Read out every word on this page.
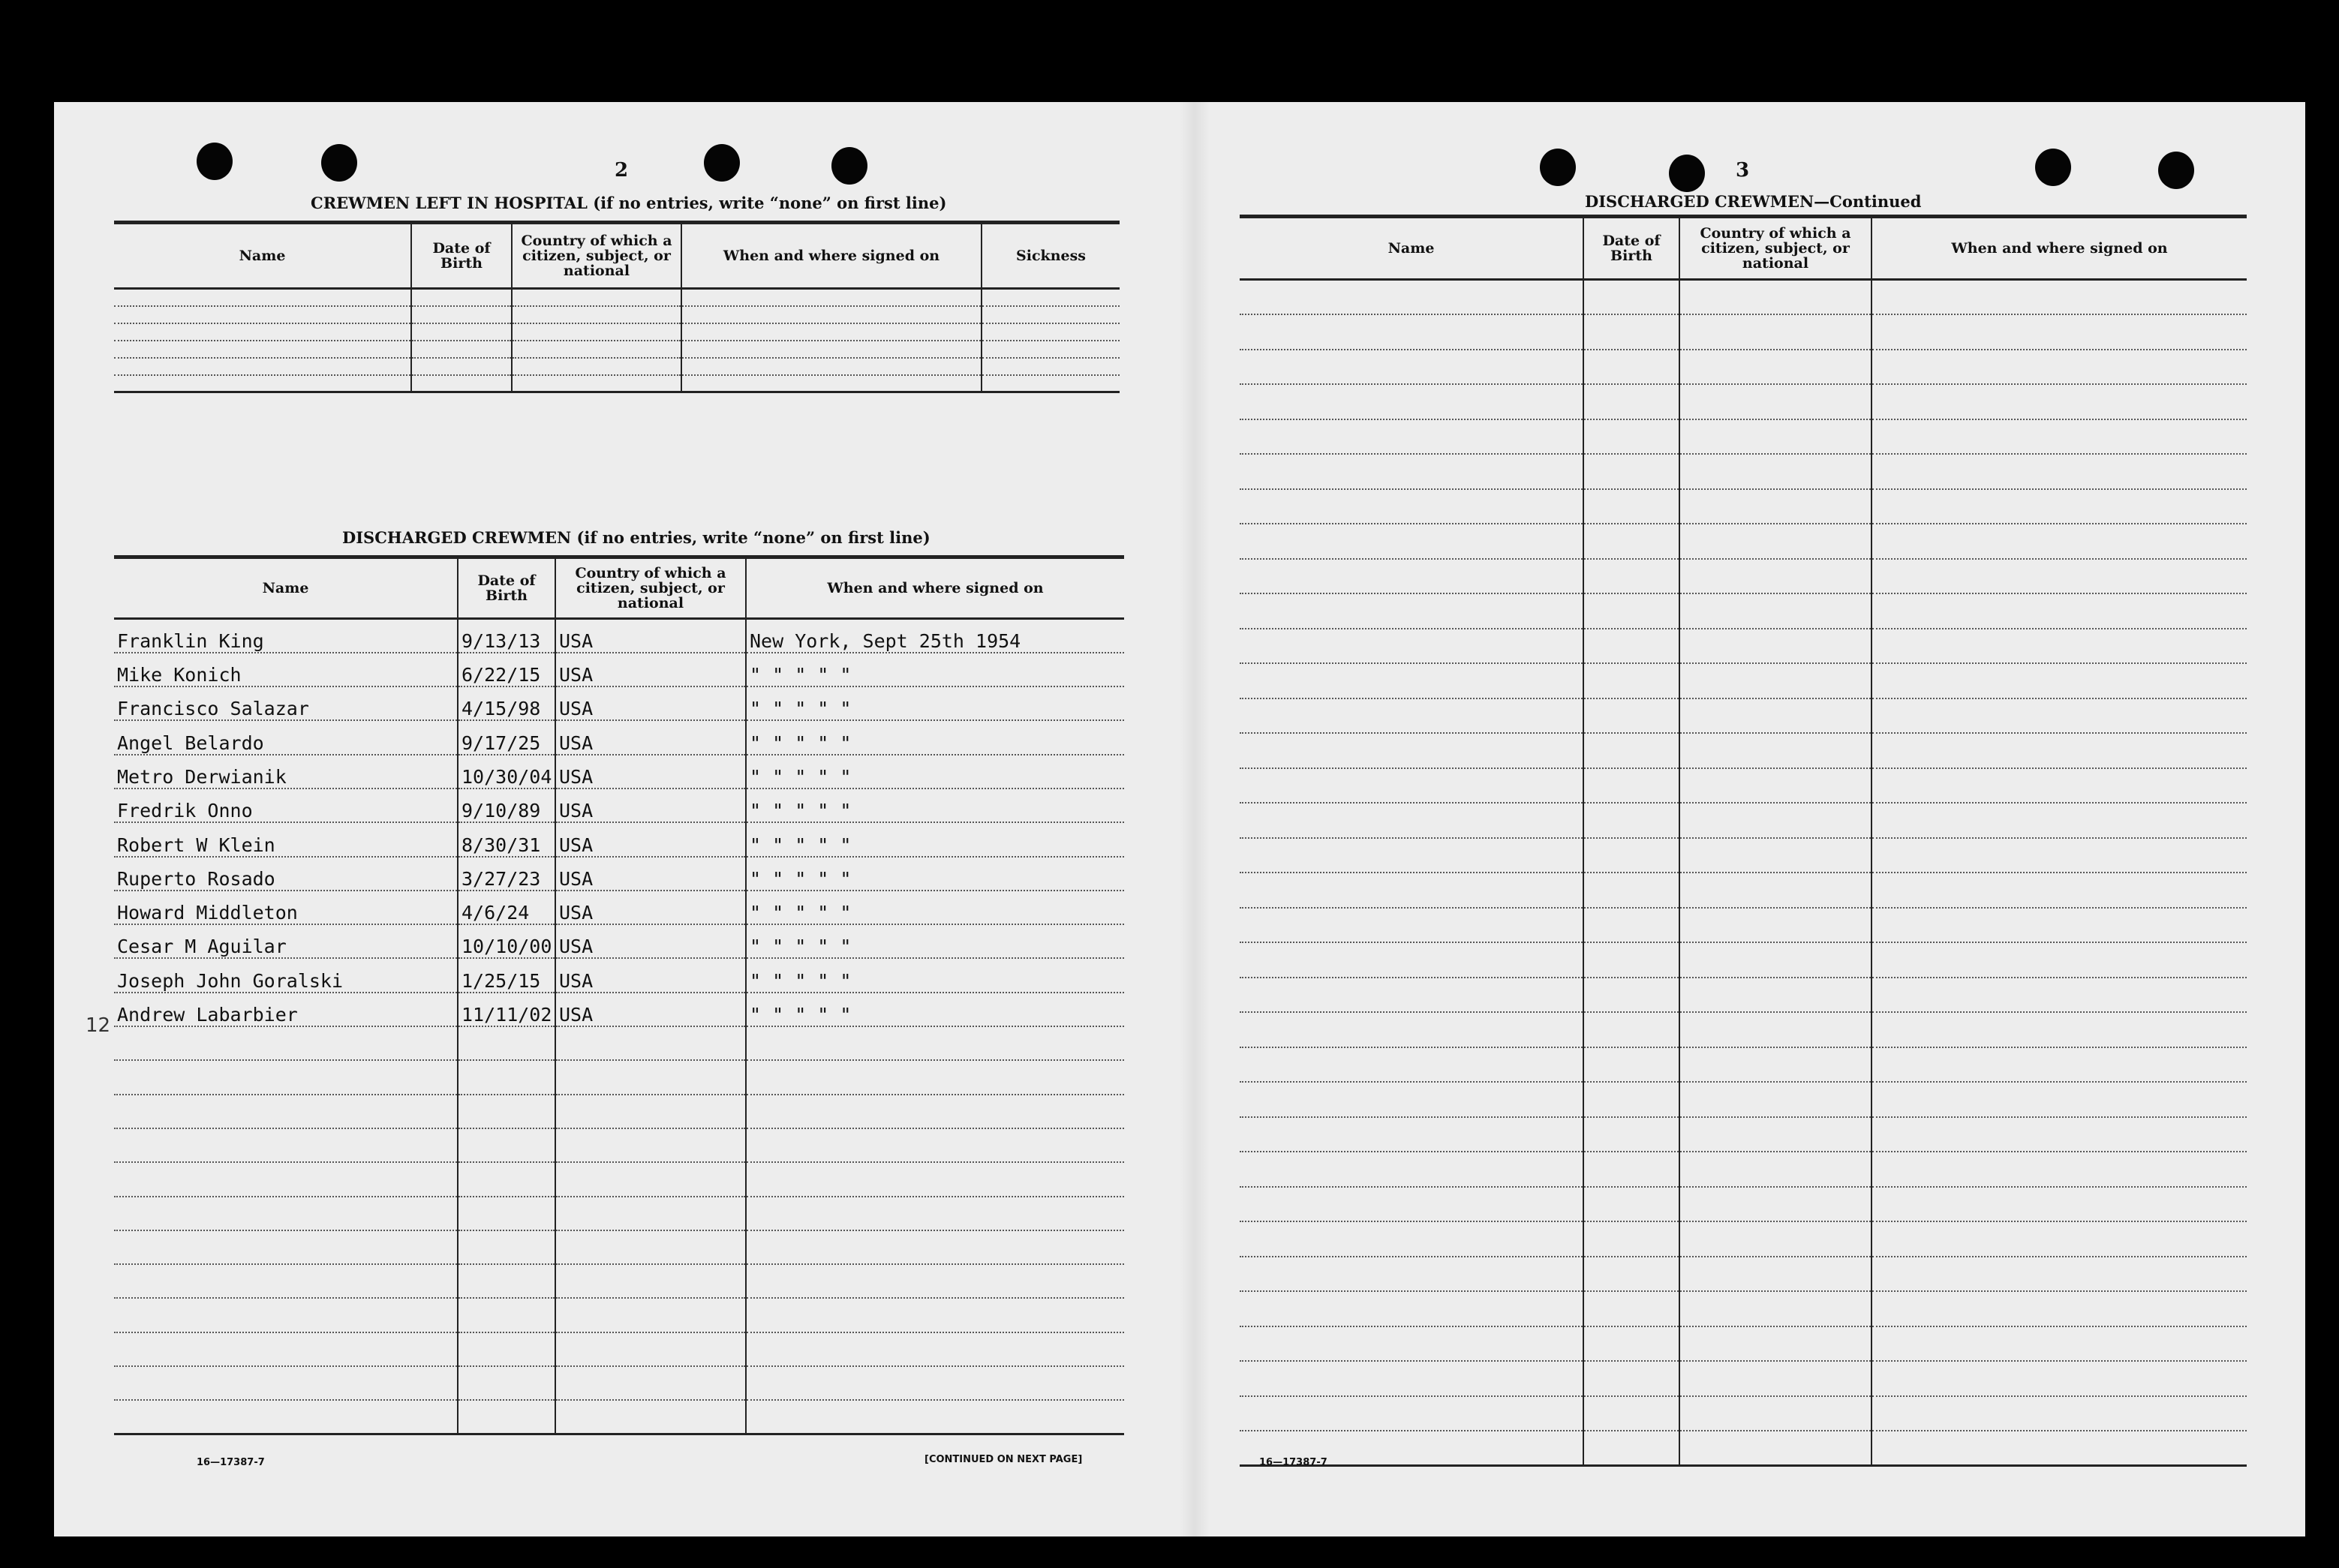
2
CREWMEN LEFT IN HOSPITAL (if no entries, write “none” on first line)
Name	Date of Birth	Country of which a citizen, subject, or national	When and where signed on	Sickness

DISCHARGED CREWMEN (if no entries, write “none” on first line)
Name	Date of Birth	Country of which a citizen, subject, or national	When and where signed on
Franklin King	9/13/13	USA	New York, Sept 25th 1954
Mike Konich	6/22/15	USA	" " " " "
Francisco Salazar	4/15/98	USA	" " " " "
Angel Belardo	9/17/25	USA	" " " " "
Metro Derwianik	10/30/04	USA	" " " " "
Fredrik Onno	9/10/89	USA	" " " " "
Robert W Klein	8/30/31	USA	" " " " "
Ruperto Rosado	3/27/23	USA	" " " " "
Howard Middleton	4/6/24	USA	" " " " "
Cesar M Aguilar	10/10/00	USA	" " " " "
Joseph John Goralski	1/25/15	USA	" " " " "
Andrew Labarbier	11/11/02	USA	" " " " "

12
16—17387-7	[CONTINUED ON NEXT PAGE]
3
DISCHARGED CREWMEN—Continued
Name	Date of Birth	Country of which a citizen, subject, or national	When and where signed on

16—17387-7
